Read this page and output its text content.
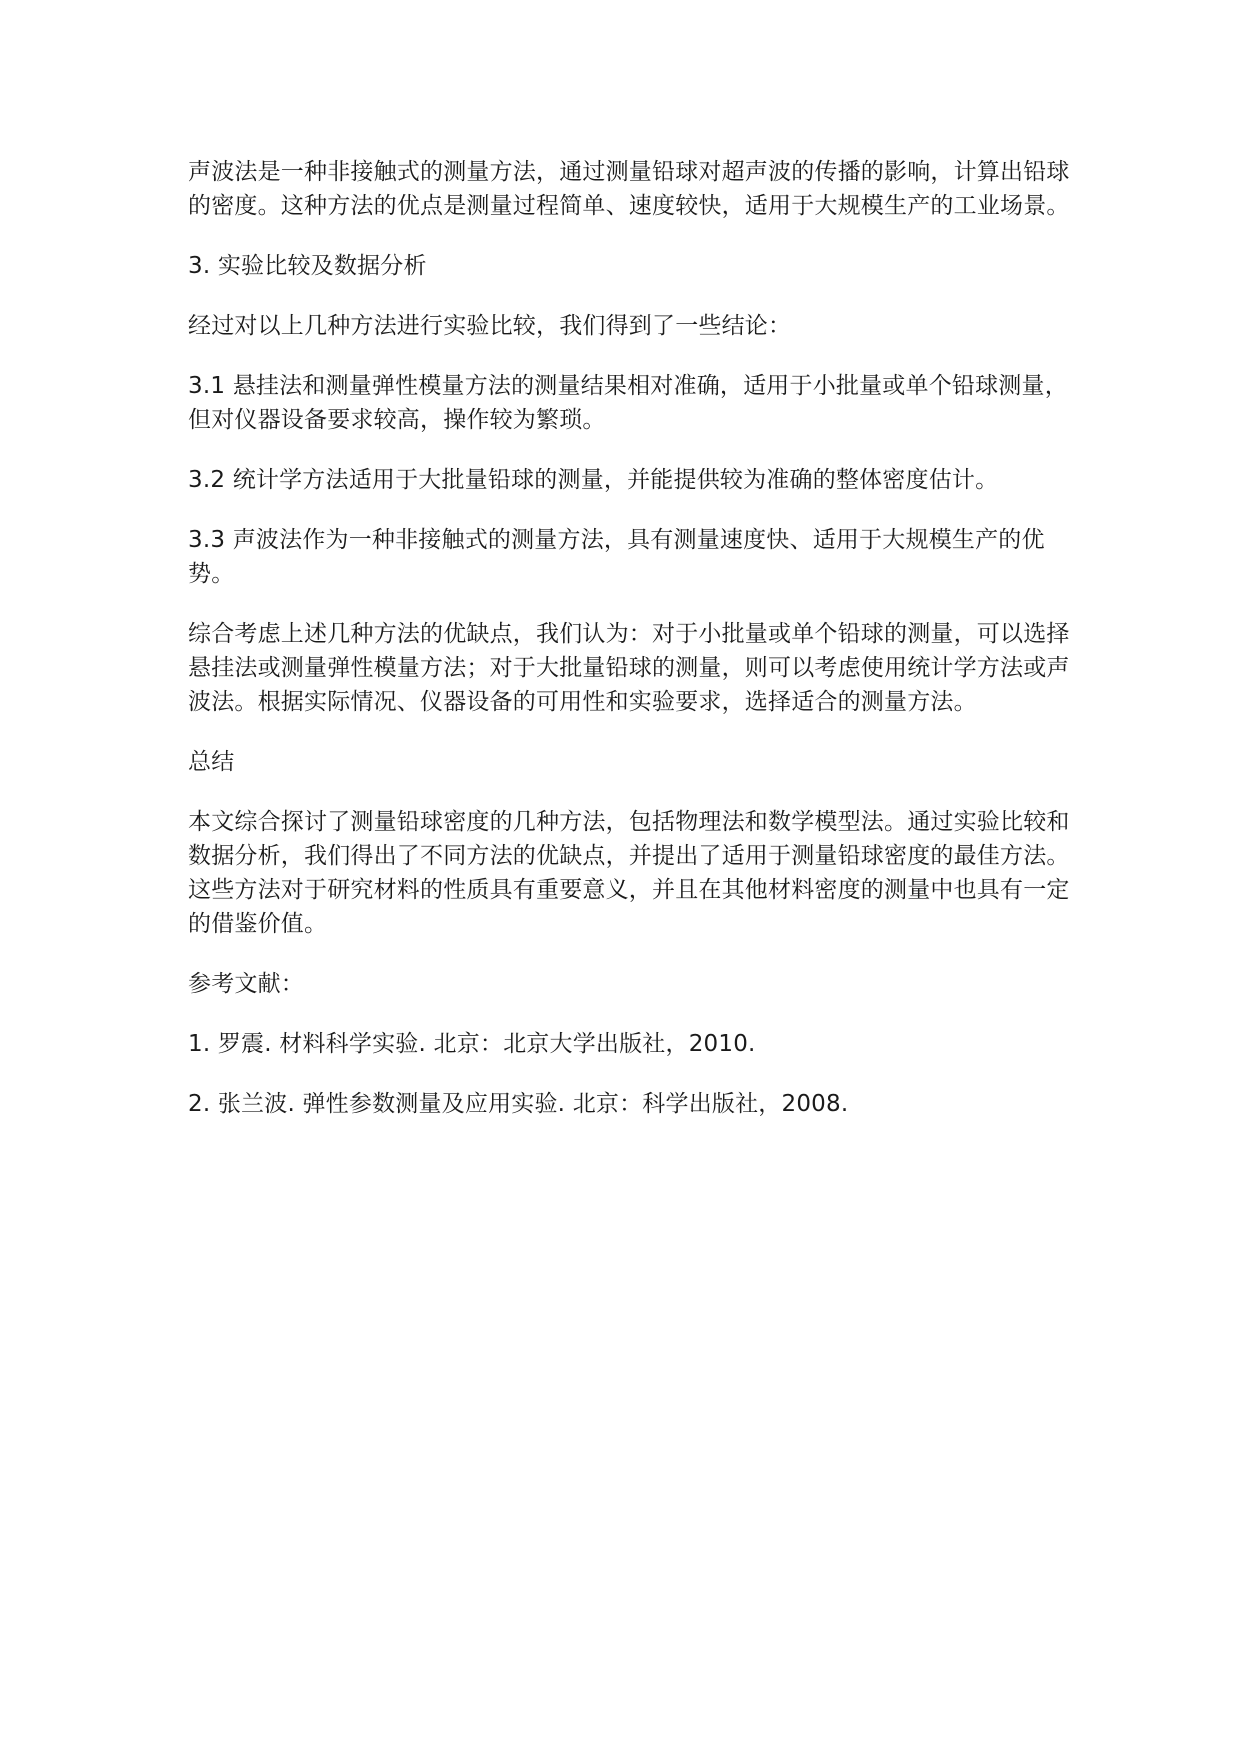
声波法是一种非接触式的测量方法，通过测量铅球对超声波的传播的影响，计算出铅球的密度。这种方法的优点是测量过程简单、速度较快，适用于大规模生产的工业场景。

3. 实验比较及数据分析

经过对以上几种方法进行实验比较，我们得到了一些结论：

3.1 悬挂法和测量弹性模量方法的测量结果相对准确，适用于小批量或单个铅球测量，但对仪器设备要求较高，操作较为繁琐。

3.2 统计学方法适用于大批量铅球的测量，并能提供较为准确的整体密度估计。

3.3 声波法作为一种非接触式的测量方法，具有测量速度快、适用于大规模生产的优势。

综合考虑上述几种方法的优缺点，我们认为：对于小批量或单个铅球的测量，可以选择悬挂法或测量弹性模量方法；对于大批量铅球的测量，则可以考虑使用统计学方法或声波法。根据实际情况、仪器设备的可用性和实验要求，选择适合的测量方法。

总结

本文综合探讨了测量铅球密度的几种方法，包括物理法和数学模型法。通过实验比较和数据分析，我们得出了不同方法的优缺点，并提出了适用于测量铅球密度的最佳方法。这些方法对于研究材料的性质具有重要意义，并且在其他材料密度的测量中也具有一定的借鉴价值。

参考文献：

1. 罗震. 材料科学实验. 北京：北京大学出版社，2010.

2. 张兰波. 弹性参数测量及应用实验. 北京：科学出版社，2008.
